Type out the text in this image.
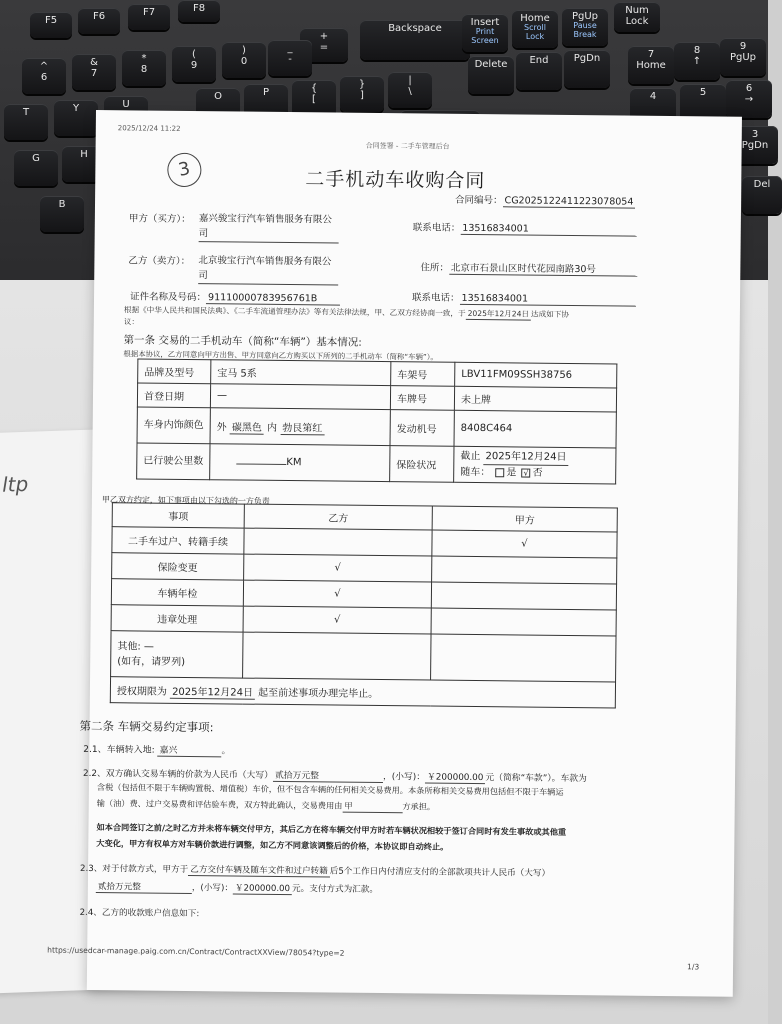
F5	F6	F7	F8
+
=
Backspace
Insert
Print Screen
Home
Scroll Lock
PgUp
Pause Break
Num Lock
^
6
&
7
*
8
(
9
)
0
_
-	Delete	End	PgDn	7
Home
8
↑
9
PgUp
T	Y	U
O	P	{
[
}
]
|
\	4	5	6
→
G	H
3
PgDn
B
Del
ltp
2025/12/24 11:22
合同签署 - 二手车管理后台
3	二手机动车收购合同
合同编号： CG2025122411223078054
甲方（买方）： 嘉兴骏宝行汽车销售服务有限公司	联系电话： 13516834001
乙方（卖方）： 北京骏宝行汽车销售服务有限公司
住所： 北京市石景山区时代花园南路30号
联系电话： 13516834001
证件名称及号码： 91110000783956761B
根据《中华人民共和国民法典》、《二手车流通管理办法》等有关法律法规，甲、乙双方经协商一致，于 2025年12月24日 达成如下协
议：
第一条 交易的二手机动车（简称“车辆”）基本情况:
根据本协议，乙方同意向甲方出售、甲方同意向乙方购买以下所列的二手机动车（简称“车辆”）。
品牌及型号	宝马 5系	车架号	LBV11FM09SSH38756
首登日期	—	车牌号	未上牌
车身内饰颜色	外 碳黑色 内 勃艮第红	发动机号	8408C464
已行驶公里数	KM	保险状况	截止 2025年12月24日
随车： 是 √ 否
甲乙双方约定，如下事项由以下勾选的一方负责
事项	乙方	甲方
二手车过户、转籍手续		√
保险变更	√	
车辆年检	√	
违章处理	√	
其他: —
(如有，请罗列)		
授权期限为 2025年12月24日 起至前述事项办理完毕止。		
第二条 车辆交易约定事项:
2.1、车辆转入地: 嘉兴	。
2.2、双方确认交易车辆的价款为人民币（大写） 贰拾万元整	，(小写)： ￥200000.00 元（简称“车款”）。车款为
含税（包括但不限于车辆购置税、增值税）车价，但不包含车辆的任何相关交易费用。本条所称相关交易费用包括但不限于车辆运
输（油）费、过户交易费和评估验车费，双方特此确认，交易费用由 甲	方承担。
如本合同签订之前/之时乙方并未将车辆交付甲方，其后乙方在将车辆交付甲方时若车辆状况相较于签订合同时有发生事故或其他重
大变化，甲方有权单方对车辆价款进行调整，如乙方不同意该调整后的价格，本协议即自动终止。
2.3、对于付款方式，甲方于 乙方交付车辆及随车文件和过户转籍 后5个工作日内付清应支付的全部款项共计人民币（大写）
贰拾万元整	，(小写)： ￥200000.00 元。支付方式为汇款。
2.4、乙方的收款账户信息如下:
https://usedcar-manage.paig.com.cn/Contract/ContractXXView/78054?type=2
1/3
